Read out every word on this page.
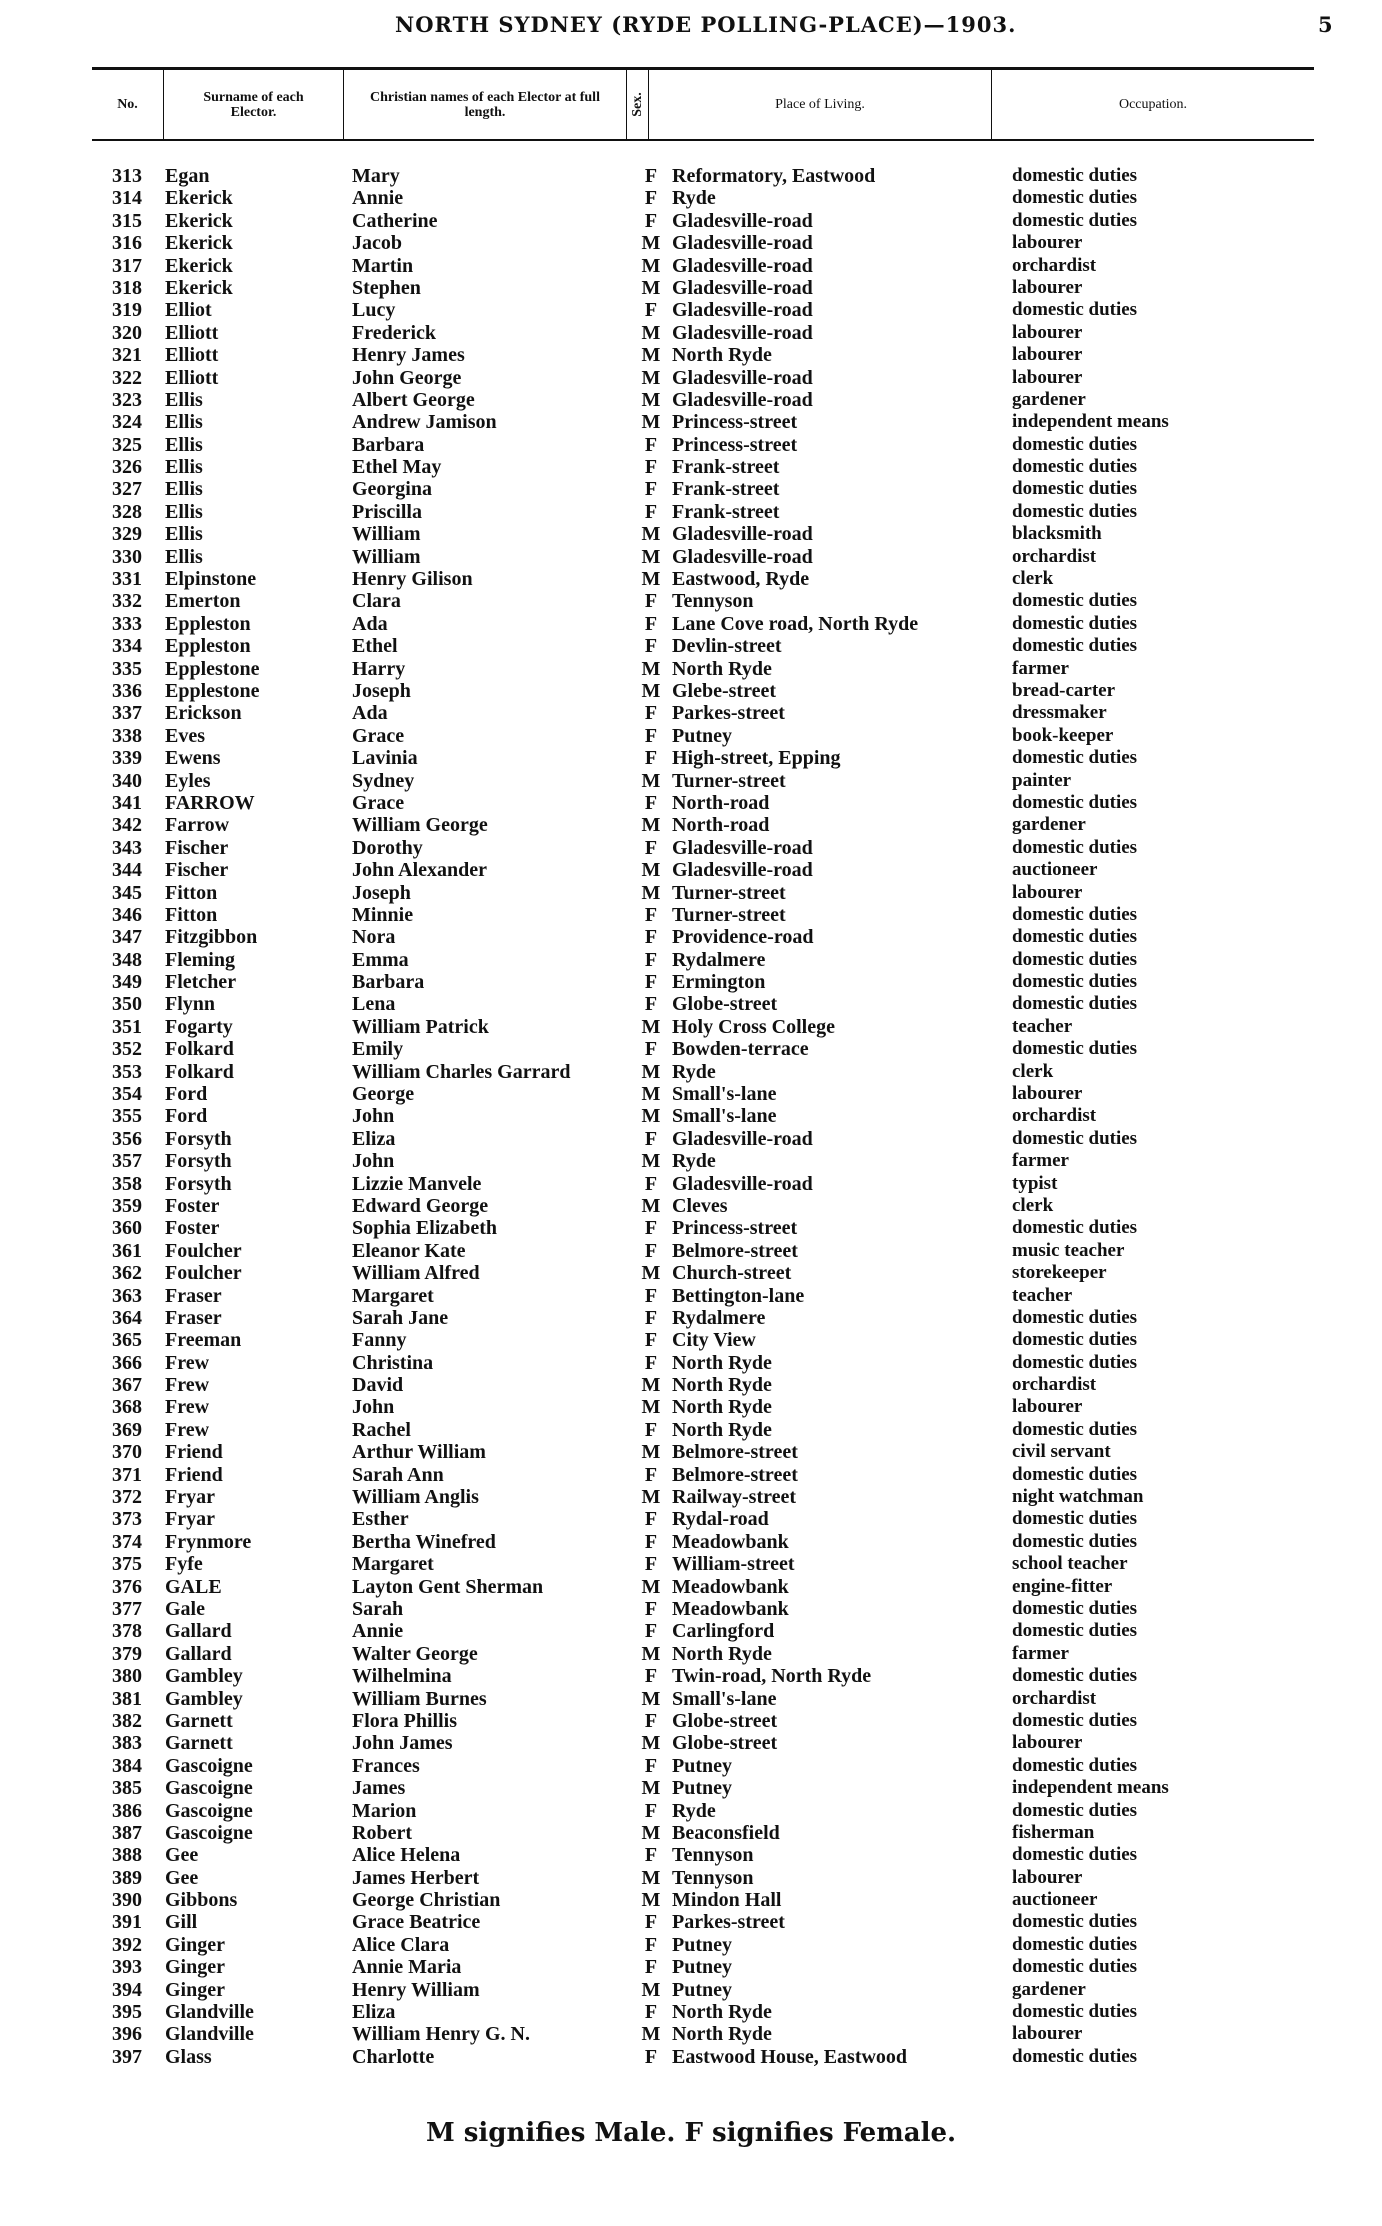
NORTH SYDNEY (RYDE POLLING-PLACE)—1903.	5
No.	Surname of each Elector.
Christian names of each Elector at full length.	Sex.	Place of Living.	Occupation.
313 Egan	Mary	F Reformatory, Eastwood	domestic duties
314 Ekerick	Annie	F Ryde	domestic duties
315 Ekerick	Catherine	F Gladesville-road	domestic duties
316 Ekerick	Jacob	M Gladesville-road	labourer
317 Ekerick	Martin	M Gladesville-road	orchardist
318 Ekerick	Stephen	M Gladesville-road	labourer
319 Elliot	Lucy	F Gladesville-road	domestic duties
320 Elliott	Frederick	M Gladesville-road	labourer
321 Elliott	Henry James	M North Ryde	labourer
322 Elliott	John George	M Gladesville-road	labourer
323 Ellis	Albert George	M Gladesville-road	gardener
324 Ellis	Andrew Jamison	M Princess-street	independent means
325 Ellis	Barbara	F Princess-street	domestic duties
326 Ellis	Ethel May	F Frank-street	domestic duties
327 Ellis	Georgina	F Frank-street	domestic duties
328 Ellis	Priscilla	F Frank-street	domestic duties
329 Ellis	William	M Gladesville-road	blacksmith
330 Ellis	William	M Gladesville-road	orchardist
331 Elpinstone	Henry Gilison	M Eastwood, Ryde	clerk
332 Emerton	Clara	F Tennyson	domestic duties
333 Eppleston	Ada	F Lane Cove road, North Ryde	domestic duties
334 Eppleston	Ethel	F Devlin-street	domestic duties
335 Epplestone	Harry	M North Ryde	farmer
336 Epplestone	Joseph	M Glebe-street	bread-carter
337 Erickson	Ada	F Parkes-street	dressmaker
338 Eves	Grace	F Putney	book-keeper
339 Ewens	Lavinia	F High-street, Epping	domestic duties
340 Eyles	Sydney	M Turner-street	painter
341 FARROW	Grace	F North-road	domestic duties
342 Farrow	William George	M North-road	gardener
343 Fischer	Dorothy	F Gladesville-road	domestic duties
344 Fischer	John Alexander	M Gladesville-road	auctioneer
345 Fitton	Joseph	M Turner-street	labourer
346 Fitton	Minnie	F Turner-street	domestic duties
347 Fitzgibbon	Nora	F Providence-road	domestic duties
348 Fleming	Emma	F Rydalmere	domestic duties
349 Fletcher	Barbara	F Ermington	domestic duties
350 Flynn	Lena	F Globe-street	domestic duties
351 Fogarty	William Patrick	M Holy Cross College	teacher
352 Folkard	Emily	F Bowden-terrace	domestic duties
353 Folkard	William Charles Garrard	M Ryde	clerk
354 Ford	George	M Small's-lane	labourer
355 Ford	John	M Small's-lane	orchardist
356 Forsyth	Eliza	F Gladesville-road	domestic duties
357 Forsyth	John	M Ryde	farmer
358 Forsyth	Lizzie Manvele	F Gladesville-road	typist
359 Foster	Edward George	M Cleves	clerk
360 Foster	Sophia Elizabeth	F Princess-street	domestic duties
361 Foulcher	Eleanor Kate	F Belmore-street	music teacher
362 Foulcher	William Alfred	M Church-street	storekeeper
363 Fraser	Margaret	F Bettington-lane	teacher
364 Fraser	Sarah Jane	F Rydalmere	domestic duties
365 Freeman	Fanny	F City View	domestic duties
366 Frew	Christina	F North Ryde	domestic duties
367 Frew	David	M North Ryde	orchardist
368 Frew	John	M North Ryde	labourer
369 Frew	Rachel	F North Ryde	domestic duties
370 Friend	Arthur William	M Belmore-street	civil servant
371 Friend	Sarah Ann	F Belmore-street	domestic duties
372 Fryar	William Anglis	M Railway-street	night watchman
373 Fryar	Esther	F Rydal-road	domestic duties
374 Frynmore	Bertha Winefred	F Meadowbank	domestic duties
375 Fyfe	Margaret	F William-street	school teacher
376 GALE	Layton Gent Sherman	M Meadowbank	engine-fitter
377 Gale	Sarah	F Meadowbank	domestic duties
378 Gallard	Annie	F Carlingford	domestic duties
379 Gallard	Walter George	M North Ryde	farmer
380 Gambley	Wilhelmina	F Twin-road, North Ryde	domestic duties
381 Gambley	William Burnes	M Small's-lane	orchardist
382 Garnett	Flora Phillis	F Globe-street	domestic duties
383 Garnett	John James	M Globe-street	labourer
384 Gascoigne	Frances	F Putney	domestic duties
385 Gascoigne	James	M Putney	independent means
386 Gascoigne	Marion	F Ryde	domestic duties
387 Gascoigne	Robert	M Beaconsfield	fisherman
388 Gee	Alice Helena	F Tennyson	domestic duties
389 Gee	James Herbert	M Tennyson	labourer
390 Gibbons	George Christian	M Mindon Hall	auctioneer
391 Gill	Grace Beatrice	F Parkes-street	domestic duties
392 Ginger	Alice Clara	F Putney	domestic duties
393 Ginger	Annie Maria	F Putney	domestic duties
394 Ginger	Henry William	M Putney	gardener
395 Glandville	Eliza	F North Ryde	domestic duties
396 Glandville	William Henry G. N.	M North Ryde	labourer
397 Glass	Charlotte	F Eastwood House, Eastwood	domestic duties
M signifies Male. F signifies Female.
